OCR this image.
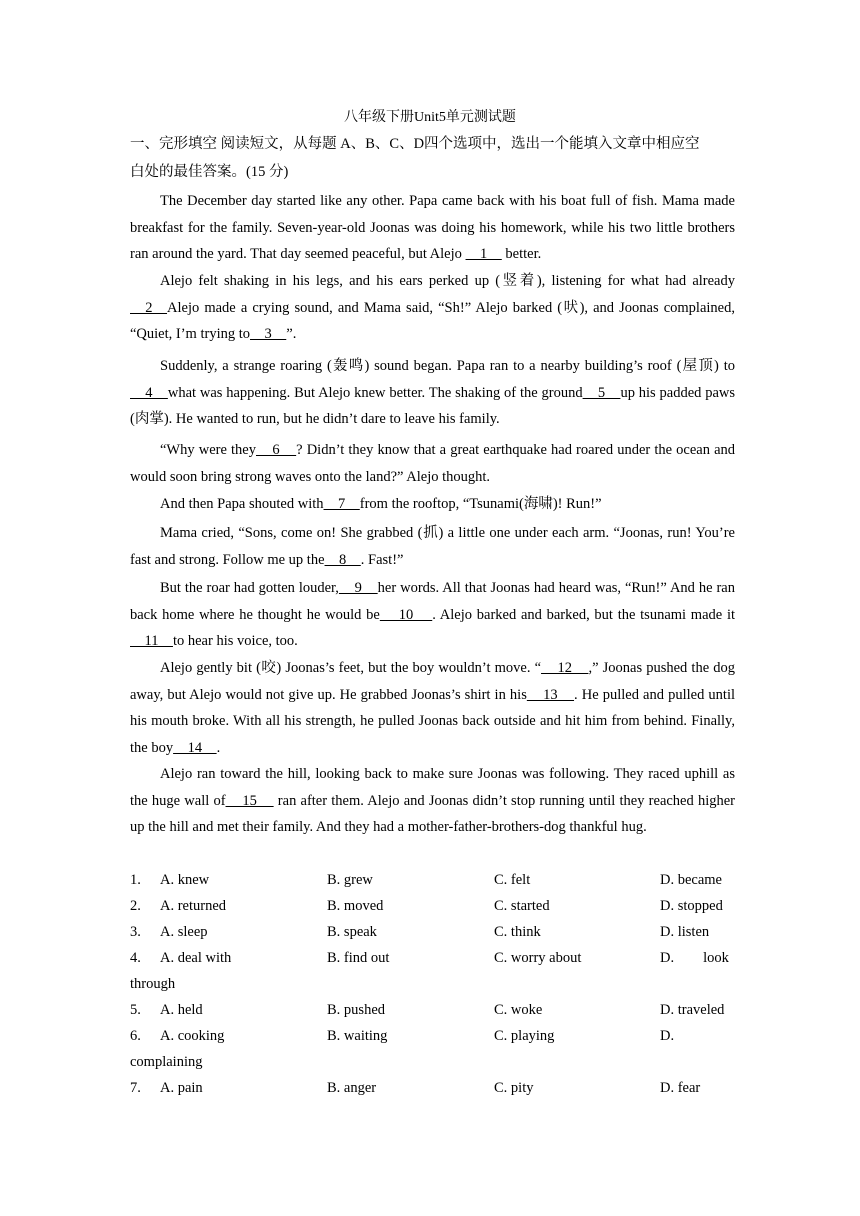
八年级下册Unit5单元测试题
一、完形填空 阅读短文，从每题 A、B、C、D四个选项中，选出一个能填入文章中相应空
白处的最佳答案。(15 分)
The December day started like any other. Papa came back with his boat full of fish. Mama made breakfast for the family. Seven-year-old Joonas was doing his homework, while his two little brothers ran around the yard. That day seemed peaceful, but Alejo     1     better.
Alejo felt shaking in his legs, and his ears perked up (竖着), listening for what had already   2   Alejo made a crying sound, and Mama said, “Sh!” Alejo barked (吠), and Joonas complained, “Quiet, I’m trying to    3    ”.
Suddenly, a strange roaring (轰鸣) sound began. Papa ran to a nearby building’s roof (屋顶) to    4    what was happening. But Alejo knew better. The shaking of the ground    5    up his padded paws (肉掌). He wanted to run, but he didn’t dare to leave his family.
“Why were they    6    ? Didn’t they know that a great earthquake had roared under the ocean and would soon bring strong waves onto the land?” Alejo thought.
And then Papa shouted with    7    from the rooftop, “Tsunami(海啸)! Run!”
Mama cried, “Sons, come on! She grabbed (抓) a little one under each arm. “Joonas, run! You’re fast and strong. Follow me up the    8    . Fast!”
But the roar had gotten louder,    9    her words. All that Joonas had heard was, “Run!” And he ran back home where he thought he would be    10    . Alejo barked and barked, but the tsunami made it    11    to hear his voice, too.
Alejo gently bit (咬) Joonas’s feet, but the boy wouldn’t move. “    12    ,” Joonas pushed the dog away, but Alejo would not give up. He grabbed Joonas’s shirt in his    13    . He pulled and pulled until his mouth broke. With all his strength, he pulled Joonas back outside and hit him from behind. Finally, the boy    14    .
Alejo ran toward the hill, looking back to make sure Joonas was following. They raced uphill as the huge wall of    15     ran after them. Alejo and Joonas didn’t stop running until they reached higher up the hill and met their family. And they had a mother-father-brothers-dog thankful hug.
1. A. knew	B. grew	C. felt	D. became
2. A. returned	B. moved	C. started	D. stopped
3. A. sleep	B. speak	C. think	D. listen
4. A. deal with	B. find out	C. worry about	D.        look
through
5. A. held	B. pushed	C. woke	D. traveled
6. A. cooking	B. waiting	C. playing	D.
complaining
7. A. pain	B. anger	C. pity	D. fear
